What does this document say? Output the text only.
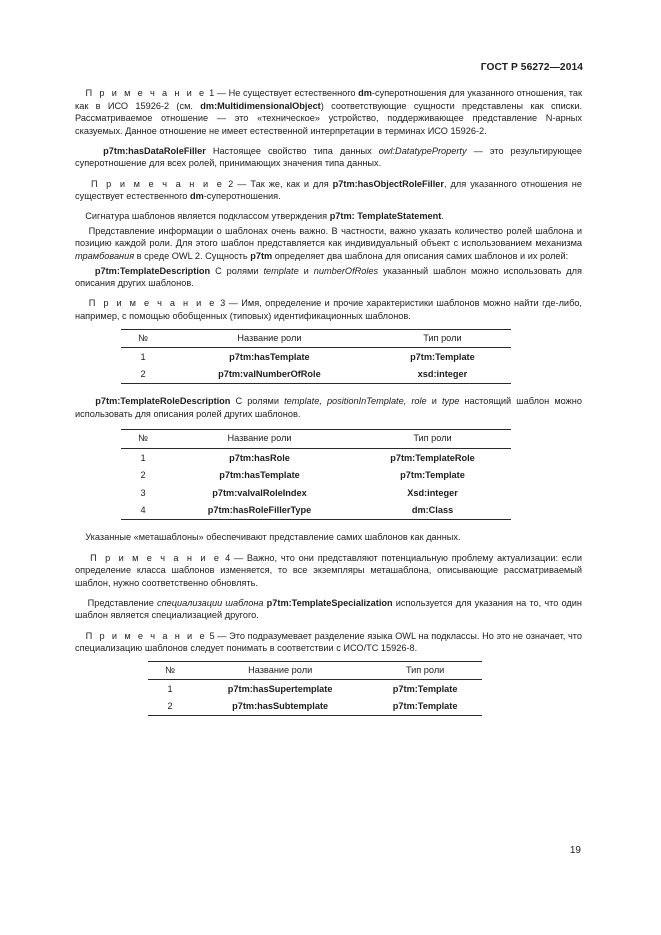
ГОСТ Р 56272—2014

П р и м е ч а н и е 1 — Не существует естественного dm-суперотношения для указанного отношения, так как в ИСО 15926-2 (см. dm:MultidimensionalObject) соответствующие сущности представлены как списки. Рассматриваемое отношение — это «техническое» устройство, поддерживающее представление N-арных сказуемых. Данное отношение не имеет естественной интерпретации в терминах ИСО 15926-2.

p7tm:hasDataRoleFiller Настоящее свойство типа данных owl:DatatypeProperty — это результирующее суперотношение для всех ролей, принимающих значения типа данных.

П р и м е ч а н и е 2 — Так же, как и для p7tm:hasObjectRoleFiller, для указанного отношения не существует естественного dm-суперотношения.

Сигнатура шаблонов является подклассом утверждения p7tm: TemplateStatement.

Представление информации о шаблонах очень важно. В частности, важно указать количество ролей шаблона и позицию каждой роли. Для этого шаблон представляется как индивидуальный объект с использованием механизма трамбования в среде OWL 2. Сущность p7tm определяет два шаблона для описания самих шаблонов и их ролей:

p7tm:TemplateDescription С ролями template и numberOfRoles указанный шаблон можно использовать для описания других шаблонов.

П р и м е ч а н и е 3 — Имя, определение и прочие характеристики шаблонов можно найти где-либо, например, с помощью обобщенных (типовых) идентификационных шаблонов.

№	Название роли	Тип роли
1	p7tm:hasTemplate	p7tm:Template
2	p7tm:valNumberOfRole	xsd:integer

p7tm:TemplateRoleDescription С ролями template, positionInTemplate, role и type настоящий шаблон можно использовать для описания ролей других шаблонов.

№	Название роли	Тип роли
1	p7tm:hasRole	p7tm:TemplateRole
2	p7tm:hasTemplate	p7tm:Template
3	p7tm:valvalRoleIndex	Xsd:integer
4	p7tm:hasRoleFillerType	dm:Class

Указанные «меташаблоны» обеспечивают представление самих шаблонов как данных.

П р и м е ч а н и е 4 — Важно, что они представляют потенциальную проблему актуализации: если определение класса шаблонов изменяется, то все экземпляры меташаблона, описывающие рассматриваемый шаблон, нужно соответственно обновлять.

Представление специализации шаблона p7tm:TemplateSpecialization используется для указания на то, что один шаблон является специализацией другого.

П р и м е ч а н и е 5 — Это подразумевает разделение языка OWL на подклассы. Но это не означает, что специализацию шаблонов следует понимать в соответствии с ИСО/ТС 15926-8.

№	Название роли	Тип роли
1	p7tm:hasSupertemplate	p7tm:Template
2	p7tm:hasSubtemplate	p7tm:Template
19
